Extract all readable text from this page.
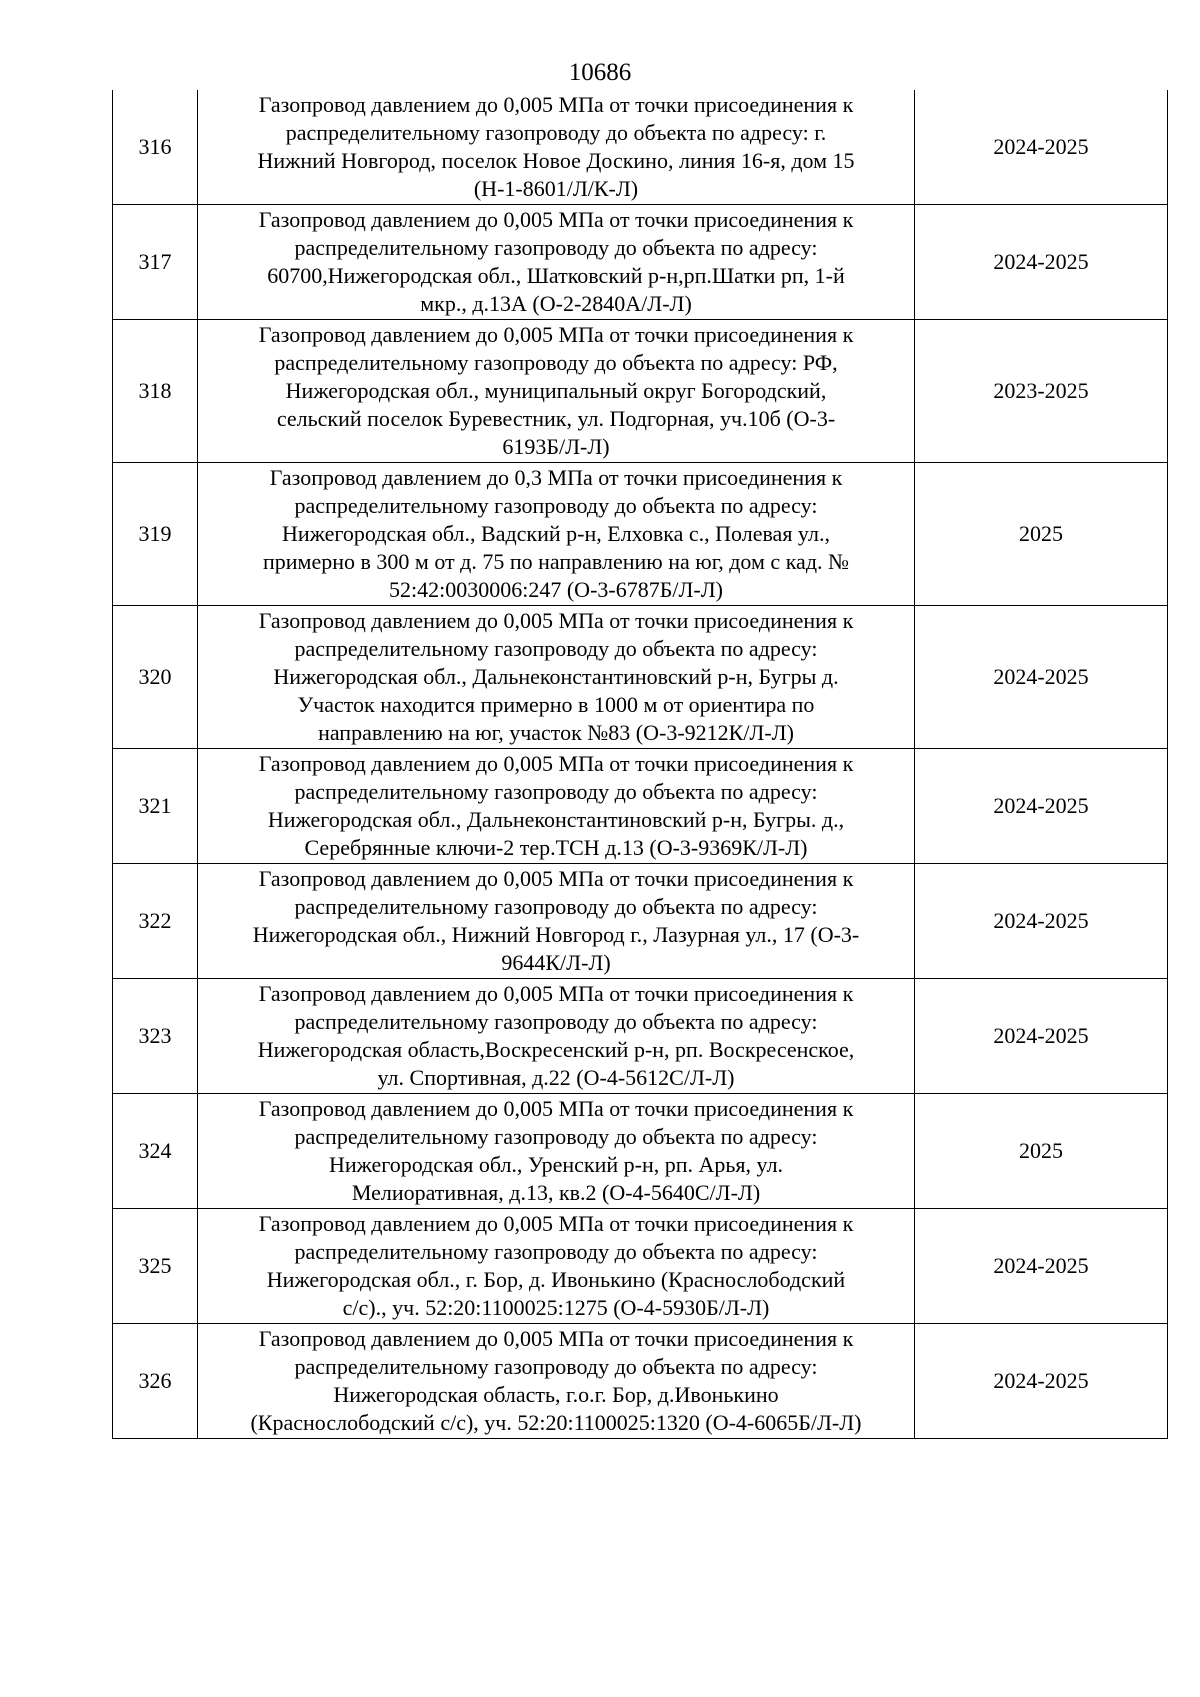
10686
316	Газопровод давлением до 0,005 МПа от точки присоединения к
распределительному газопроводу до объекта по адресу: г.
Нижний Новгород, поселок Новое Доскино, линия 16-я, дом 15
(Н-1-8601/Л/К-Л)	2024-2025
317	Газопровод давлением до 0,005 МПа от точки присоединения к
распределительному газопроводу до объекта по адресу:
60700,Нижегородская обл., Шатковский р-н,рп.Шатки рп, 1-й
мкр., д.13А (О-2-2840А/Л-Л)	2024-2025
318	Газопровод давлением до 0,005 МПа от точки присоединения к
распределительному газопроводу до объекта по адресу: РФ,
Нижегородская обл., муниципальный округ Богородский,
сельский поселок Буревестник, ул. Подгорная, уч.10б (О-3-
6193Б/Л-Л)	2023-2025
319	Газопровод давлением до 0,3 МПа от точки присоединения к
распределительному газопроводу до объекта по адресу:
Нижегородская обл., Вадский р-н, Елховка с., Полевая ул.,
примерно в 300 м от д. 75 по направлению на юг, дом с кад. №
52:42:0030006:247 (О-3-6787Б/Л-Л)	2025
320	Газопровод давлением до 0,005 МПа от точки присоединения к
распределительному газопроводу до объекта по адресу:
Нижегородская обл., Дальнеконстантиновский р-н, Бугры д.
Участок находится примерно в 1000 м от ориентира по
направлению на юг, участок №83 (О-3-9212К/Л-Л)	2024-2025
321	Газопровод давлением до 0,005 МПа от точки присоединения к
распределительному газопроводу до объекта по адресу:
Нижегородская обл., Дальнеконстантиновский р-н, Бугры. д.,
Серебрянные ключи-2 тер.ТСН д.13 (О-3-9369К/Л-Л)	2024-2025
322	Газопровод давлением до 0,005 МПа от точки присоединения к
распределительному газопроводу до объекта по адресу:
Нижегородская обл., Нижний Новгород г., Лазурная ул., 17 (О-3-
9644К/Л-Л)	2024-2025
323	Газопровод давлением до 0,005 МПа от точки присоединения к
распределительному газопроводу до объекта по адресу:
Нижегородская область,Воскресенский р-н, рп. Воскресенское,
ул. Спортивная, д.22 (О-4-5612С/Л-Л)	2024-2025
324	Газопровод давлением до 0,005 МПа от точки присоединения к
распределительному газопроводу до объекта по адресу:
Нижегородская обл., Уренский р-н, рп. Арья, ул.
Мелиоративная, д.13, кв.2 (О-4-5640С/Л-Л)	2025
325	Газопровод давлением до 0,005 МПа от точки присоединения к
распределительному газопроводу до объекта по адресу:
Нижегородская обл., г. Бор, д. Ивонькино (Краснослободский
с/с)., уч. 52:20:1100025:1275 (О-4-5930Б/Л-Л)	2024-2025
326	Газопровод давлением до 0,005 МПа от точки присоединения к
распределительному газопроводу до объекта по адресу:
Нижегородская область, г.о.г. Бор, д.Ивонькино
(Краснослободский с/с), уч. 52:20:1100025:1320 (О-4-6065Б/Л-Л)	2024-2025
